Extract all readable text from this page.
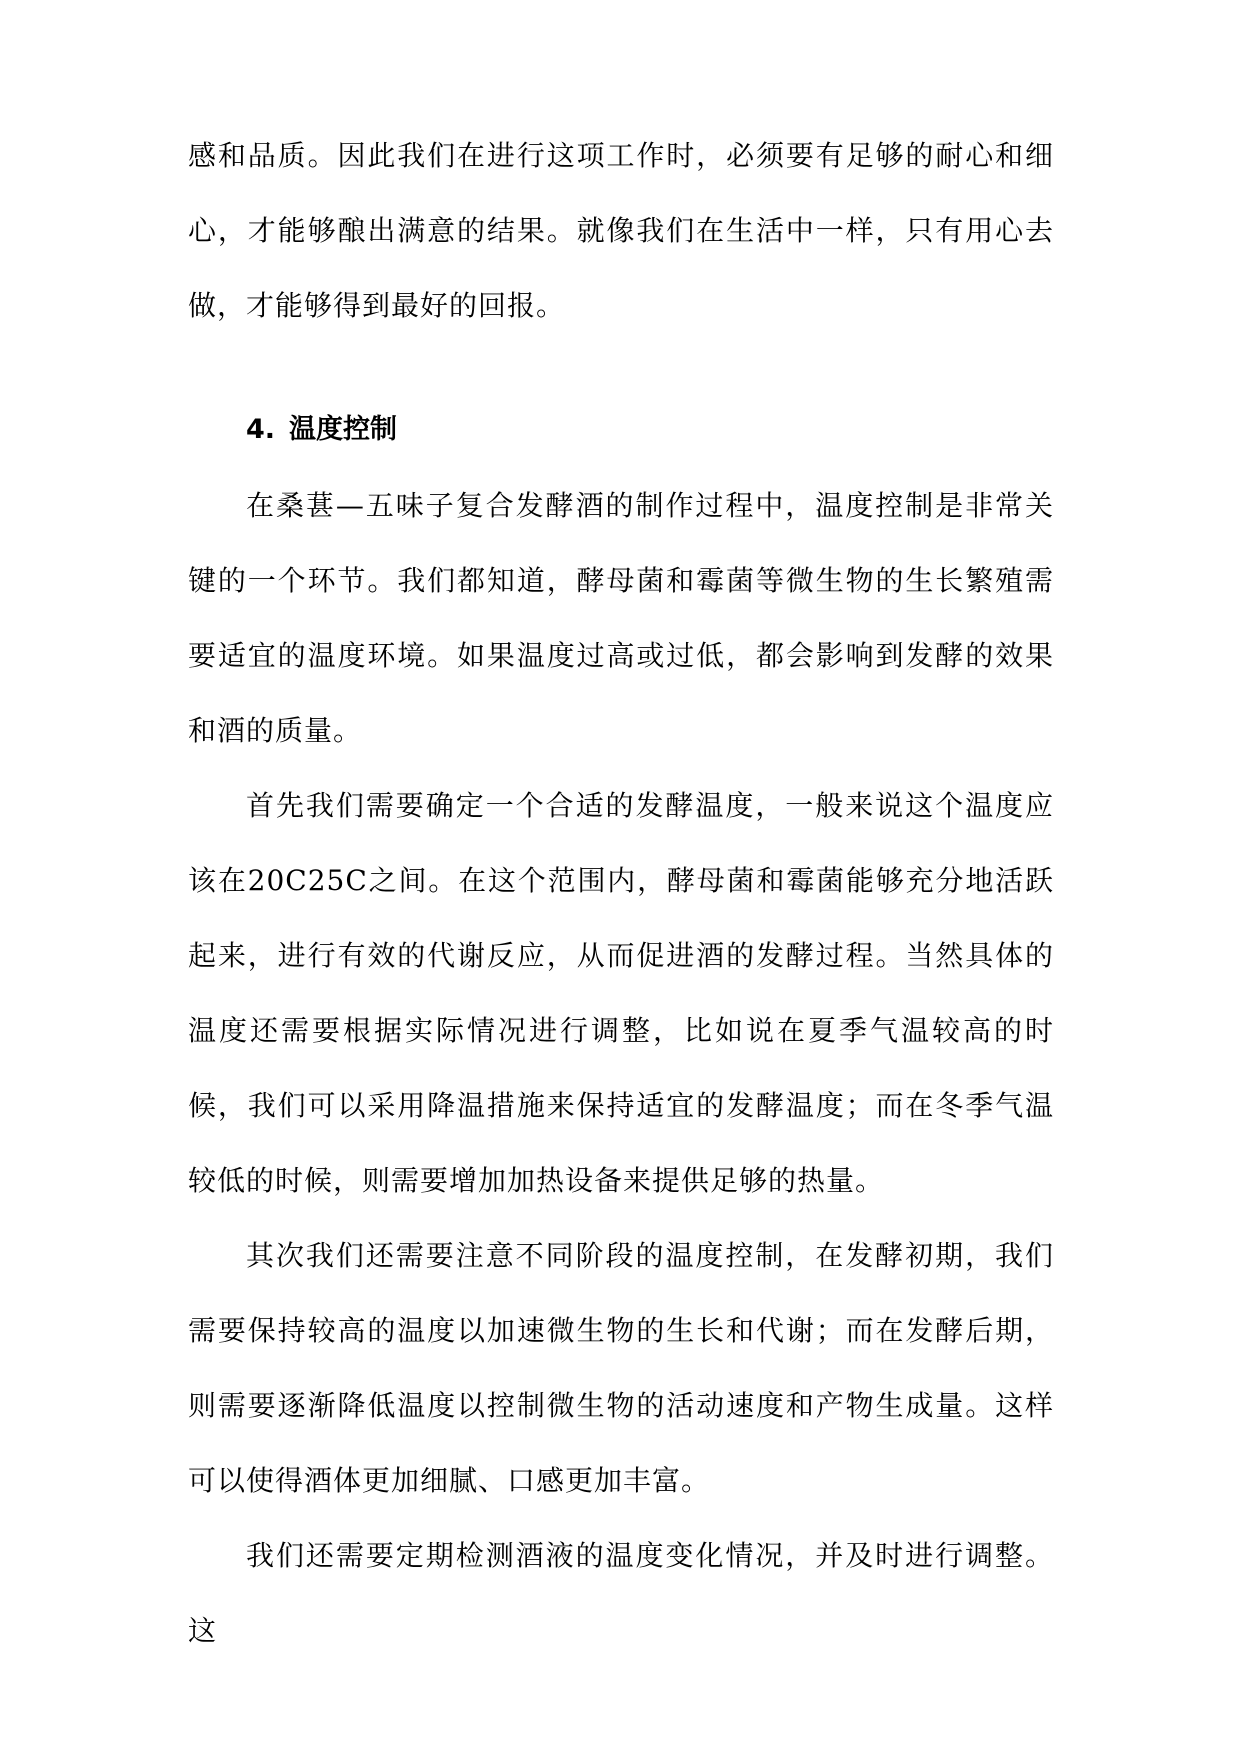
感和品质。因此我们在进行这项工作时，必须要有足够的耐心和细心，才能够酿出满意的结果。就像我们在生活中一样，只有用心去做，才能够得到最好的回报。

4. 温度控制

在桑葚—五味子复合发酵酒的制作过程中，温度控制是非常关键的一个环节。我们都知道，酵母菌和霉菌等微生物的生长繁殖需要适宜的温度环境。如果温度过高或过低，都会影响到发酵的效果和酒的质量。

首先我们需要确定一个合适的发酵温度，一般来说这个温度应该在20C25C之间。在这个范围内，酵母菌和霉菌能够充分地活跃起来，进行有效的代谢反应，从而促进酒的发酵过程。当然具体的温度还需要根据实际情况进行调整，比如说在夏季气温较高的时候，我们可以采用降温措施来保持适宜的发酵温度；而在冬季气温较低的时候，则需要增加加热设备来提供足够的热量。

其次我们还需要注意不同阶段的温度控制，在发酵初期，我们需要保持较高的温度以加速微生物的生长和代谢；而在发酵后期，则需要逐渐降低温度以控制微生物的活动速度和产物生成量。这样可以使得酒体更加细腻、口感更加丰富。

我们还需要定期检测酒液的温度变化情况，并及时进行调整。这
